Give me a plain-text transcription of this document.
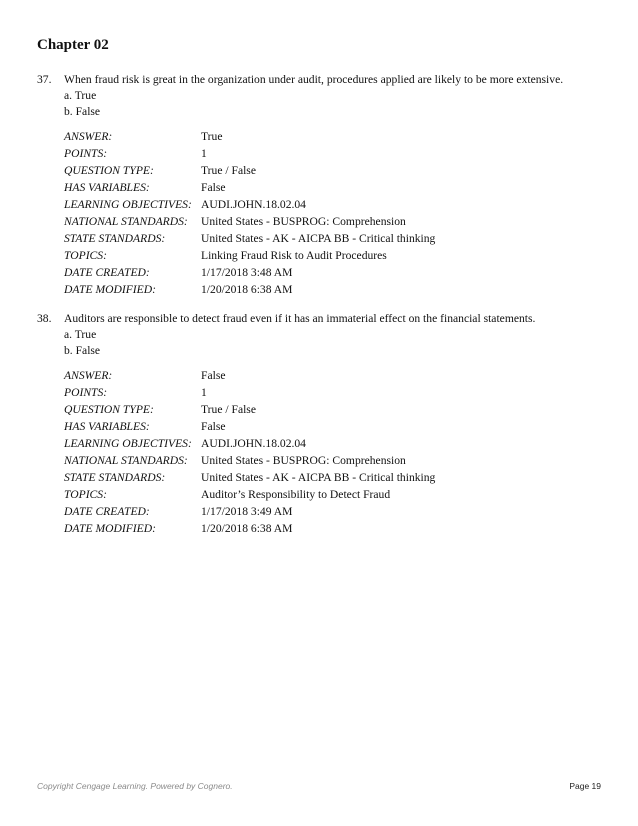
Chapter 02
37. When fraud risk is great in the organization under audit, procedures applied are likely to be more extensive.
a. True
b. False
ANSWER:	True
POINTS:	1
QUESTION TYPE:	True / False
HAS VARIABLES:	False
LEARNING OBJECTIVES: AUDI.JOHN.18.02.04
NATIONAL STANDARDS:	United States - BUSPROG: Comprehension
STATE STANDARDS:	United States - AK - AICPA BB - Critical thinking
TOPICS:	Linking Fraud Risk to Audit Procedures
DATE CREATED:	1/17/2018 3:48 AM
DATE MODIFIED:	1/20/2018 6:38 AM
38. Auditors are responsible to detect fraud even if it has an immaterial effect on the financial statements.
a. True
b. False
ANSWER:	False
POINTS:	1
QUESTION TYPE:	True / False
HAS VARIABLES:	False
LEARNING OBJECTIVES: AUDI.JOHN.18.02.04
NATIONAL STANDARDS:	United States - BUSPROG: Comprehension
STATE STANDARDS:	United States - AK - AICPA BB - Critical thinking
TOPICS:	Auditor’s Responsibility to Detect Fraud
DATE CREATED:	1/17/2018 3:49 AM
DATE MODIFIED:	1/20/2018 6:38 AM
Copyright Cengage Learning. Powered by Cognero.	Page 19
